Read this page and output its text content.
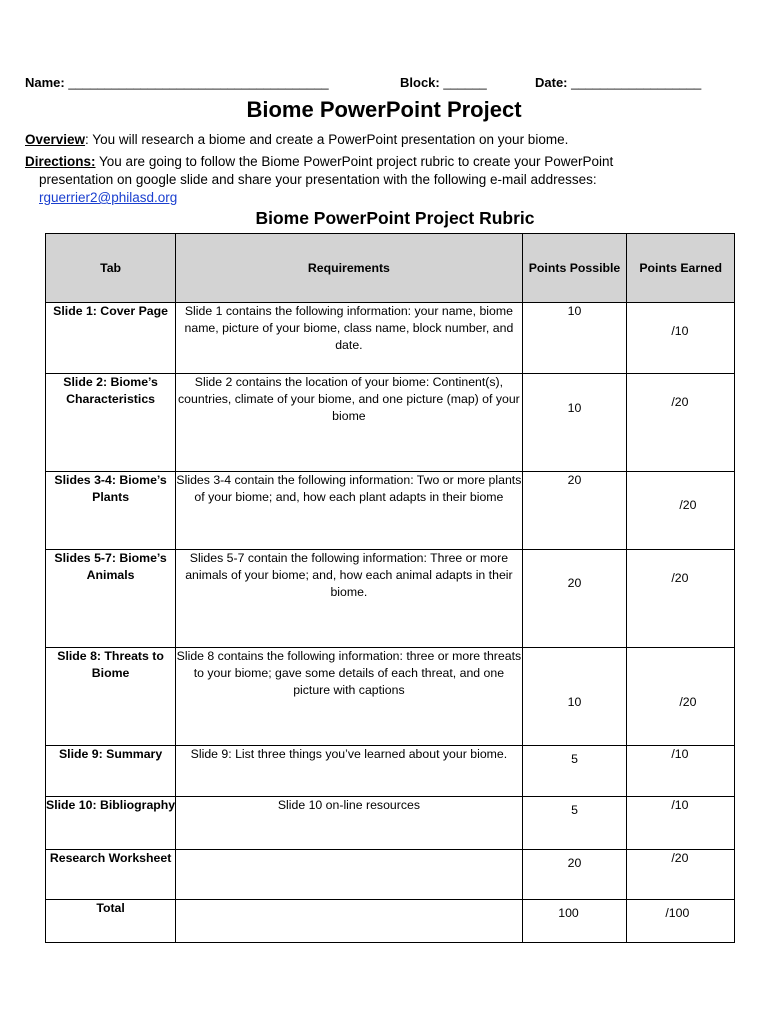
Name: ____________________________________	Block: ______	Date: __________________
Biome PowerPoint Project
Overview: You will research a biome and create a PowerPoint presentation on your biome.
Directions: You are going to follow the Biome PowerPoint project rubric to create your PowerPoint
presentation on google slide and share your presentation with the following e-mail addresses:
rguerrier2@philasd.org
Biome PowerPoint Project Rubric
Tab	Requirements	Points Possible	Points Earned
Slide 1: Cover Page	Slide 1 contains the following information: your name, biome name, picture of your biome, class name, block number, and date.	10	/10

Slide 2: Biome’s Characteristics	Slide 2 contains the location of your biome: Continent(s), countries, climate of your biome, and one picture (map) of your biome	10	/20

Slides 3-4: Biome’s Plants	Slides 3-4 contain the following information: Two or more plants of your biome; and, how each plant adapts in their biome	20	/20

Slides 5-7: Biome’s Animals	Slides 5-7 contain the following information: Three or more animals of your biome; and, how each animal adapts in their biome.	20	/20

Slide 8: Threats to Biome	Slide 8 contains the following information: three or more threats to your biome; gave some details of each threat, and one picture with captions	10	/20

Slide 9: Summary	Slide 9: List three things you’ve learned about your biome.	5	/10

Slide 10: Bibliography	Slide 10 on-line resources	5	/10

Research Worksheet		20	/20

Total		100	/100
